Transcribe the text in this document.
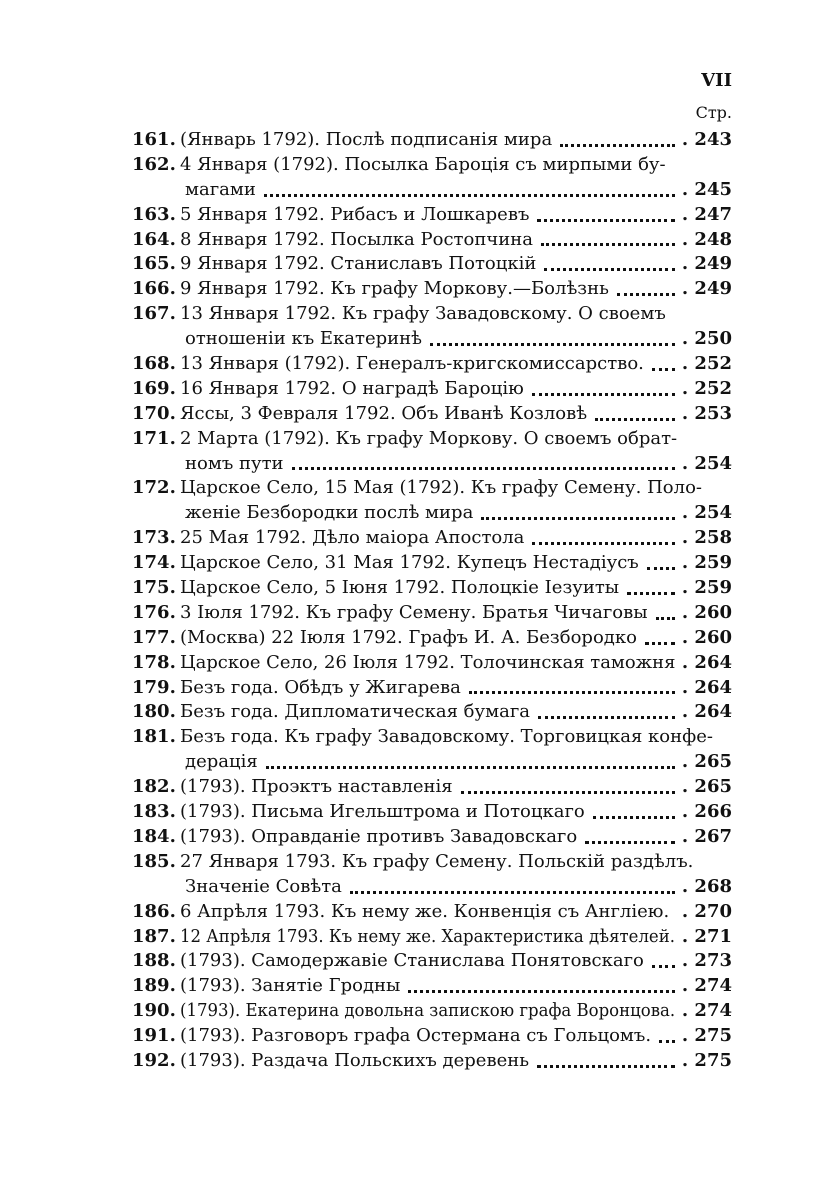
VII
Стр.
161. (Январь 1792). Послѣ подписанія мира	. 243
162. 4 Января (1792). Посылка Бароція съ мирпыми бу-
магами	. 245
163. 5 Января 1792. Рибасъ и Лошкаревъ	. 247
164. 8 Января 1792. Посылка Ростопчина	. 248
165. 9 Января 1792. Станиславъ Потоцкій	. 249
166. 9 Января 1792. Къ графу Моркову.—Болѣзнь	. 249
167. 13 Января 1792. Къ графу Завадовскому. О своемъ
отношеніи къ Екатеринѣ	. 250
168. 13 Января (1792). Генералъ-кригскомиссарство.	. 252
169. 16 Января 1792. О наградѣ Бароцію	. 252
170. Яссы, 3 Февраля 1792. Объ Иванѣ Козловѣ	. 253
171. 2 Марта (1792). Къ графу Моркову. О своемъ обрат-
номъ пути	. 254
172. Царское Село, 15 Мая (1792). Къ графу Семену. Поло-
женіе Безбородки послѣ мира	. 254
173. 25 Мая 1792. Дѣло маіора Апостола	. 258
174. Царское Село, 31 Мая 1792. Купецъ Нестадіусъ	. 259
175. Царское Село, 5 Іюня 1792. Полоцкіе Іезуиты	. 259
176. 3 Іюля 1792. Къ графу Семену. Братья Чичаговы	. 260
177. (Москва) 22 Іюля 1792. Графъ И. А. Безбородко	. 260
178. Царское Село, 26 Іюля 1792. Толочинская таможня	. 264
179. Безъ года. Обѣдъ у Жигарева	. 264
180. Безъ года. Дипломатическая бумага	. 264
181. Безъ года. Къ графу Завадовскому. Торговицкая конфе-
дерація	. 265
182. (1793). Проэктъ наставленія	. 265
183. (1793). Письма Игельштрома и Потоцкаго	. 266
184. (1793). Оправданіе противъ Завадовскаго	. 267
185. 27 Января 1793. Къ графу Семену. Польскій раздѣлъ.
Значеніе Совѣта	. 268
186. 6 Апрѣля 1793. Къ нему же. Конвенція съ Англіею.	. 270
187. 12 Апрѣля 1793. Къ нему же. Характеристика дѣятелей.	. 271
188. (1793). Самодержавіе Станислава Понятовскаго	. 273
189. (1793). Занятіе Гродны	. 274
190. (1793). Екатерина довольна запискою графа Воронцова.	. 274
191. (1793). Разговоръ графа Остермана съ Гольцомъ.	. 275
192. (1793). Раздача Польскихъ деревень	. 275
